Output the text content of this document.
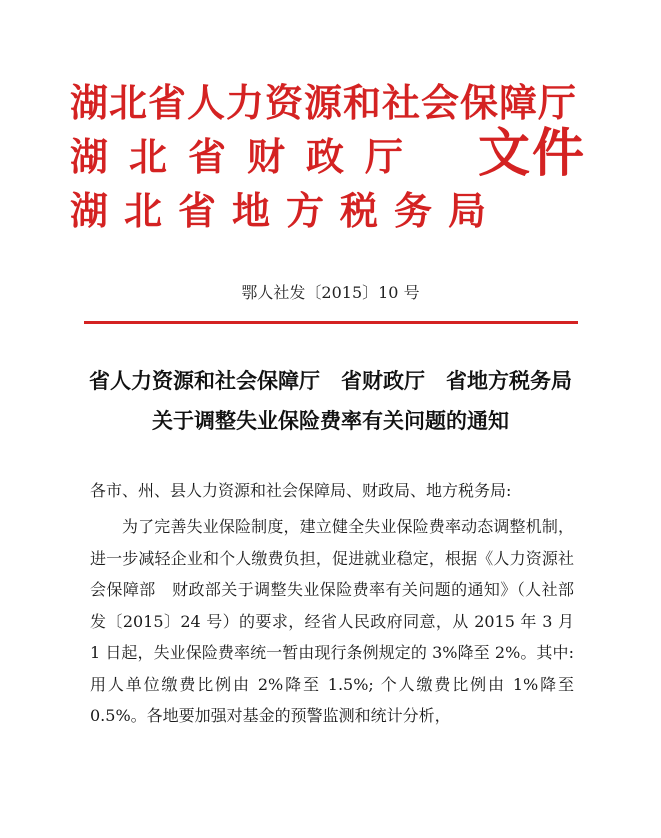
湖北省人力资源和社会保障厅
湖北省财政厅
湖北省地方税务局
文件
鄂人社发〔2015〕10 号
省人力资源和社会保障厅　省财政厅　省地方税务局
关于调整失业保险费率有关问题的通知
各市、州、县人力资源和社会保障局、财政局、地方税务局:
为了完善失业保险制度，建立健全失业保险费率动态调整机制，进一步减轻企业和个人缴费负担，促进就业稳定，根据《人力资源社会保障部　财政部关于调整失业保险费率有关问题的通知》（人社部发〔2015〕24 号）的要求，经省人民政府同意，从 2015 年 3 月 1 日起，失业保险费率统一暂由现行条例规定的 3%降至 2%。其中: 用人单位缴费比例由 2%降至 1.5%; 个人缴费比例由 1%降至 0.5%。各地要加强对基金的预警监测和统计分析，
